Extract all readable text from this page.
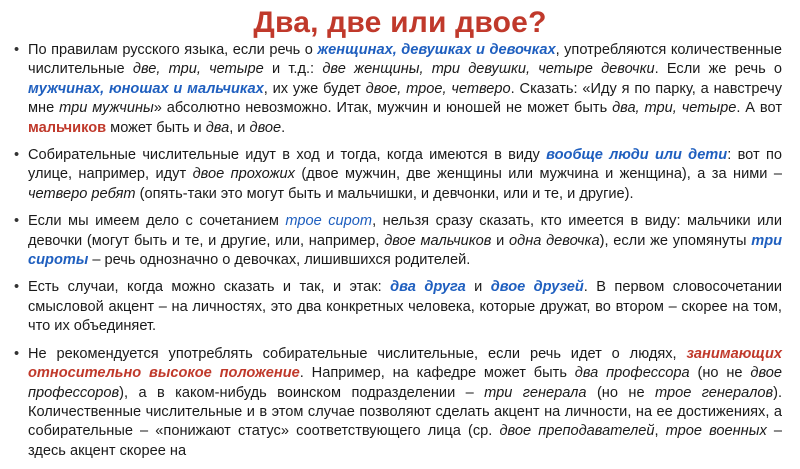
Два, две или двое?
• По правилам русского языка, если речь о женщинах, девушках и девочках, употребляются количественные числительные две, три, четыре и т.д.: две женщины, три девушки, четыре девочки. Если же речь о мужчинах, юношах и мальчиках, их уже будет двое, трое, четверо. Сказать: «Иду я по парку, а навстречу мне три мужчины» абсолютно невозможно. Итак, мужчин и юношей не может быть два, три, четыре. А вот мальчиков может быть и два, и двое.
• Собирательные числительные идут в ход и тогда, когда имеются в виду вообще люди или дети: вот по улице, например, идут двое прохожих (двое мужчин, две женщины или мужчина и женщина), а за ними – четверо ребят (опять-таки это могут быть и мальчишки, и девчонки, или и те, и другие).
• Если мы имеем дело с сочетанием трое сирот, нельзя сразу сказать, кто имеется в виду: мальчики или девочки (могут быть и те, и другие, или, например, двое мальчиков и одна девочка), если же упомянуты три сироты – речь однозначно о девочках, лишившихся родителей.
• Есть случаи, когда можно сказать и так, и этак: два друга и двое друзей. В первом словосочетании смысловой акцент – на личностях, это два конкретных человека, которые дружат, во втором – скорее на том, что их объединяет.
• Не рекомендуется употреблять собирательные числительные, если речь идет о людях, занимающих относительно высокое положение. Например, на кафедре может быть два профессора (но не двое профессоров), а в каком-нибудь воинском подразделении – три генерала (но не трое генералов). Количественные числительные и в этом случае позволяют сделать акцент на личности, на ее достижениях, а собирательные – «понижают статус» соответствующего лица (ср. двое преподавателей, трое военных – здесь акцент скорее на
